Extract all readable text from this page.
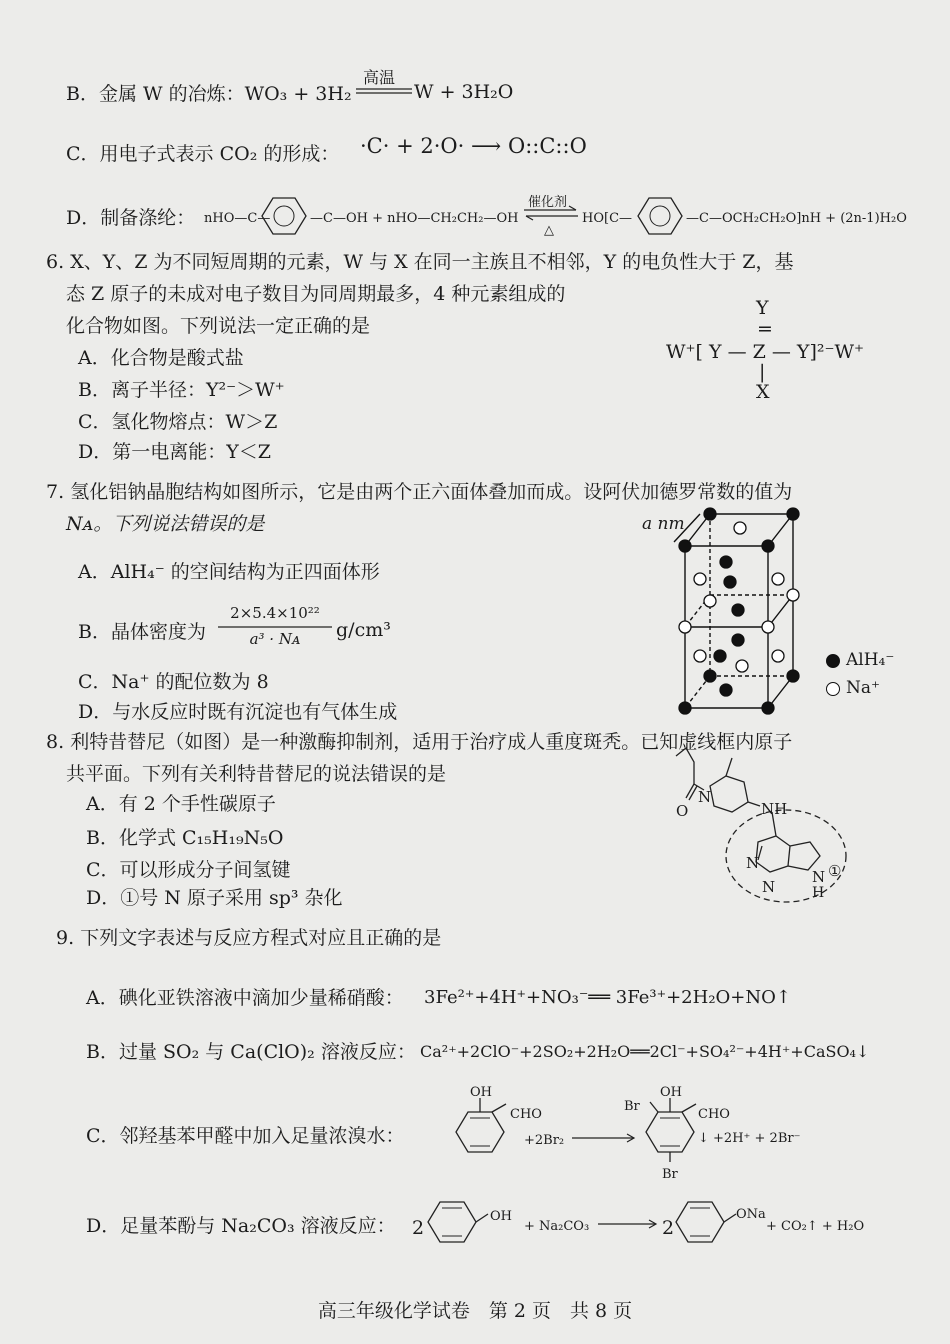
B．金属 W 的冶炼：WO₃ + 3H₂
高温
W + 3H₂O
C．用电子式表示 CO₂ 的形成： ·C· + 2·O· ⟶ O::C::O
D．制备涤纶： nHO—C—	—C—OH + nHO—CH₂CH₂—OH
催化剂
△
HO[C—	—C—OCH₂CH₂O]nH + (2n-1)H₂O
6. X、Y、Z 为不同短周期的元素，W 与 X 在同一主族且不相邻，Y 的电负性大于 Z，基
态 Z 原子的未成对电子数目为同周期最多，4 种元素组成的
化合物如图。下列说法一定正确的是
A．化合物是酸式盐
B．离子半径：Y²⁻＞W⁺
C．氢化物熔点：W＞Z
D．第一电离能：Y＜Z
Y
=
W⁺[ Y — Z — Y]²⁻W⁺
|
X
7. 氢化铝钠晶胞结构如图所示，它是由两个正六面体叠加而成。设阿伏加德罗常数的值为
Nᴀ。下列说法错误的是
A．AlH₄⁻ 的空间结构为正四面体形
B．晶体密度为
2×5.4×10²²
a³ · Nᴀ	g/cm³
C．Na⁺ 的配位数为 8
D．与水反应时既有沉淀也有气体生成
a nm
AlH₄⁻
Na⁺
8. 利特昔替尼（如图）是一种激酶抑制剂，适用于治疗成人重度斑秃。已知虚线框内原子
共平面。下列有关利特昔替尼的说法错误的是
A．有 2 个手性碳原子
B．化学式 C₁₅H₁₉N₅O
C．可以形成分子间氢键
D．①号 N 原子采用 sp³ 杂化
N
NH
O
N
N
N
H
①
9. 下列文字表述与反应方程式对应且正确的是
A．碘化亚铁溶液中滴加少量稀硝酸： 3Fe²⁺+4H⁺+NO₃⁻══ 3Fe³⁺+2H₂O+NO↑
B．过量 SO₂ 与 Ca(ClO)₂ 溶液反应： Ca²⁺+2ClO⁻+2SO₂+2H₂O══2Cl⁻+SO₄²⁻+4H⁺+CaSO₄↓
C．邻羟基苯甲醛中加入足量浓溴水：
OH
CHO
+2Br₂
OH
Br
CHO
Br
↓ +2H⁺ + 2Br⁻
D．足量苯酚与 Na₂CO₃ 溶液反应： 2
OH
+ Na₂CO₃	2
ONa
+ CO₂↑ + H₂O
高三年级化学试卷　第 2 页　共 8 页
